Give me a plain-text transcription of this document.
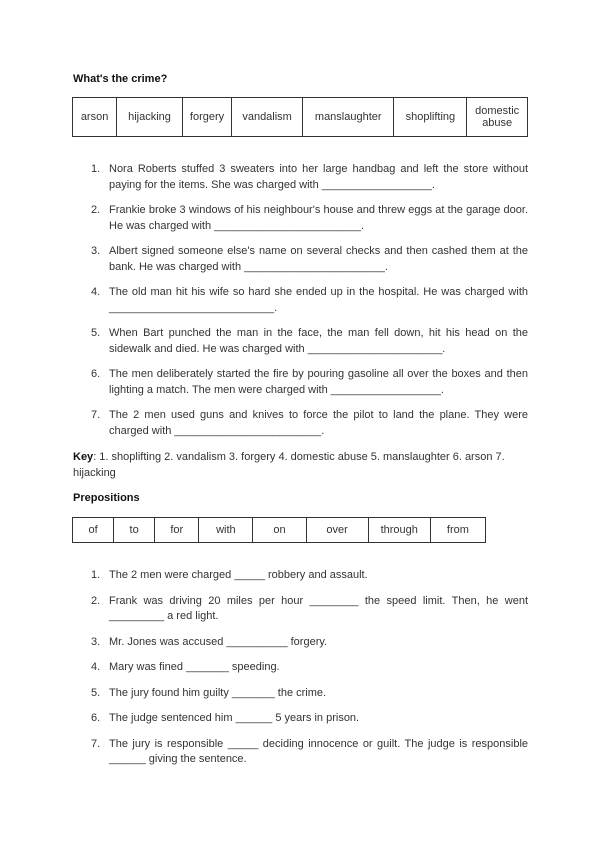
What's the crime?
arson	hijacking	forgery	vandalism	manslaughter	shoplifting	domestic abuse
1. Nora Roberts stuffed 3 sweaters into her large handbag and left the store without paying for the items. She was charged with __________________.
2. Frankie broke 3 windows of his neighbour's house and threw eggs at the garage door. He was charged with ________________________.
3. Albert signed someone else's name on several checks and then cashed them at the bank. He was charged with _______________________.
4. The old man hit his wife so hard she ended up in the hospital. He was charged with ___________________________.
5. When Bart punched the man in the face, the man fell down, hit his head on the sidewalk and died. He was charged with ______________________.
6. The men deliberately started the fire by pouring gasoline all over the boxes and then lighting a match. The men were charged with __________________.
7. The 2 men used guns and knives to force the pilot to land the plane. They were charged with ________________________.
Key: 1. shoplifting 2. vandalism 3. forgery 4. domestic abuse 5. manslaughter 6. arson 7. hijacking
Prepositions
of	to	for	with	on	over	through	from
1. The 2 men were charged _____ robbery and assault.
2. Frank was driving 20 miles per hour ________ the speed limit. Then, he went _________ a red light.
3. Mr. Jones was accused __________ forgery.
4. Mary was fined _______ speeding.
5. The jury found him guilty _______ the crime.
6. The judge sentenced him ______ 5 years in prison.
7. The jury is responsible _____ deciding innocence or guilt. The judge is responsible ______ giving the sentence.
